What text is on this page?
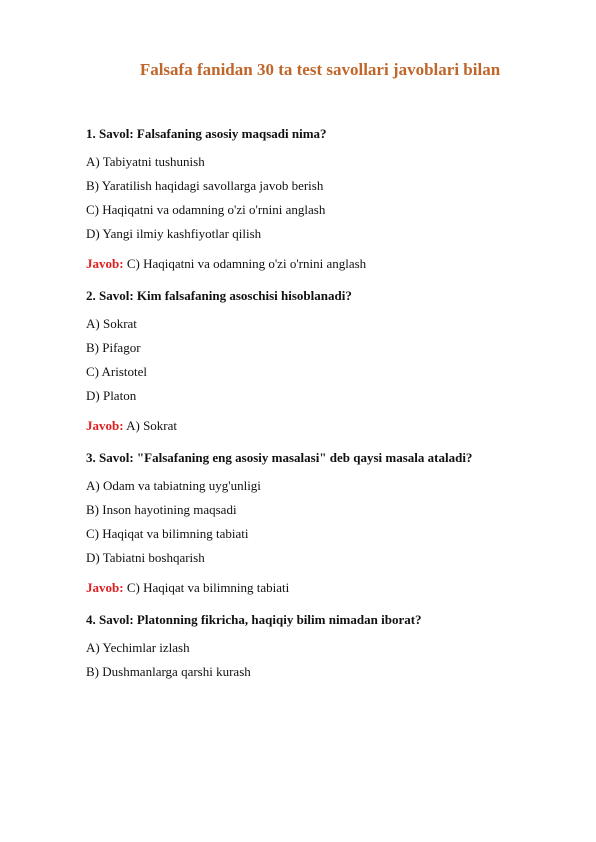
Falsafa fanidan 30 ta test savollari javoblari bilan
1. Savol: Falsafaning asosiy maqsadi nima?
A) Tabiyatni tushunish
B) Yaratilish haqidagi savollarga javob berish
C) Haqiqatni va odamning o'zi o'rnini anglash
D) Yangi ilmiy kashfiyotlar qilish
Javob: C) Haqiqatni va odamning o'zi o'rnini anglash
2. Savol: Kim falsafaning asoschisi hisoblanadi?
A) Sokrat
B) Pifagor
C) Aristotel
D) Platon
Javob: A) Sokrat
3. Savol: "Falsafaning eng asosiy masalasi" deb qaysi masala ataladi?
A) Odam va tabiatning uyg'unligi
B) Inson hayotining maqsadi
C) Haqiqat va bilimning tabiati
D) Tabiatni boshqarish
Javob: C) Haqiqat va bilimning tabiati
4. Savol: Platonning fikricha, haqiqiy bilim nimadan iborat?
A) Yechimlar izlash
B) Dushmanlarga qarshi kurash
